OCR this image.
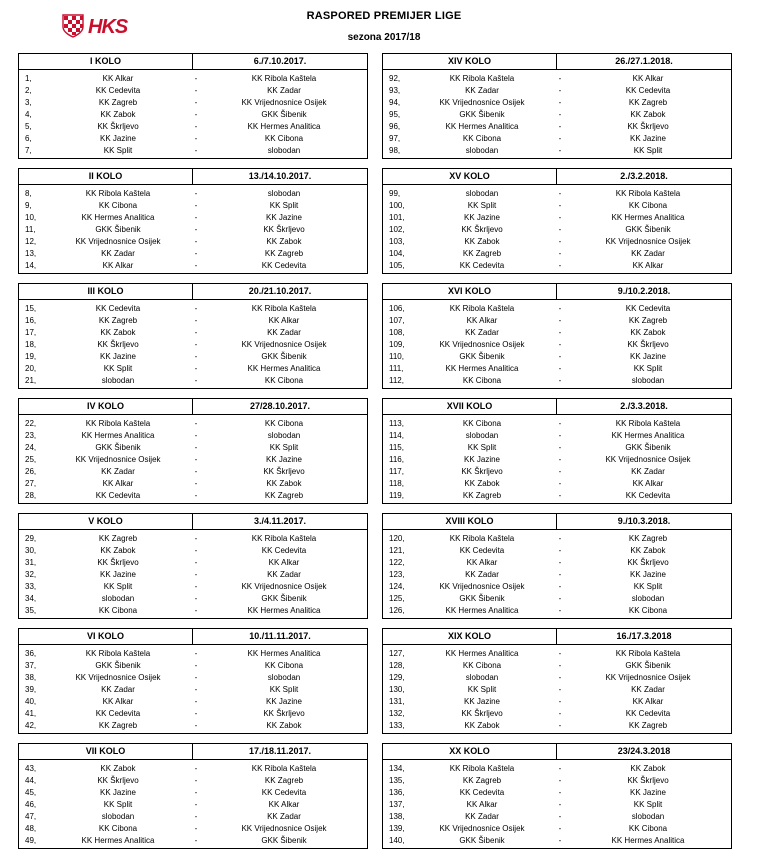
HKS	RASPORED PREMIJER LIGE
sezona 2017/18
I KOLO	6./7.10.2017.
1,	KK Alkar	-	KK Ribola Kaštela
2,	KK Cedevita	-	KK Zadar
3,	KK Zagreb	-	KK Vrijednosnice Osijek
4,	KK Zabok	-	GKK Šibenik
5,	KK Škrljevo	-	KK Hermes Analitica
6,	KK Jazine	-	KK Cibona
7,	KK Split	-	slobodan
II KOLO	13./14.10.2017.
8,	KK Ribola Kaštela	-	slobodan
9,	KK Cibona	-	KK Split
10,	KK Hermes Analitica	-	KK Jazine
11,	GKK Šibenik	-	KK Škrljevo
12,	KK Vrijednosnice Osijek	-	KK Zabok
13,	KK Zadar	-	KK Zagreb
14,	KK Alkar	-	KK Cedevita
III KOLO	20./21.10.2017.
15,	KK Cedevita	-	KK Ribola Kaštela
16,	KK Zagreb	-	KK Alkar
17,	KK Zabok	-	KK Zadar
18,	KK Škrljevo	-	KK Vrijednosnice Osijek
19,	KK Jazine	-	GKK Šibenik
20,	KK Split	-	KK Hermes Analitica
21,	slobodan	-	KK Cibona
IV KOLO	27/28.10.2017.
22,	KK Ribola Kaštela	-	KK Cibona
23,	KK Hermes Analitica	-	slobodan
24,	GKK Šibenik	-	KK Split
25,	KK Vrijednosnice Osijek	-	KK Jazine
26,	KK Zadar	-	KK Škrljevo
27,	KK Alkar	-	KK Zabok
28,	KK Cedevita	-	KK Zagreb
V KOLO	3./4.11.2017.
29,	KK Zagreb	-	KK Ribola Kaštela
30,	KK Zabok	-	KK Cedevita
31,	KK Škrljevo	-	KK Alkar
32,	KK Jazine	-	KK Zadar
33,	KK Split	-	KK Vrijednosnice Osijek
34,	slobodan	-	GKK Šibenik
35,	KK Cibona	-	KK Hermes Analitica
VI KOLO	10./11.11.2017.
36,	KK Ribola Kaštela	-	KK Hermes Analitica
37,	GKK Šibenik	-	KK Cibona
38,	KK Vrijednosnice Osijek	-	slobodan
39,	KK Zadar	-	KK Split
40,	KK Alkar	-	KK Jazine
41,	KK Cedevita	-	KK Škrljevo
42,	KK Zagreb	-	KK Zabok
VII KOLO	17./18.11.2017.
43,	KK Zabok	-	KK Ribola Kaštela
44,	KK Škrljevo	-	KK Zagreb
45,	KK Jazine	-	KK Cedevita
46,	KK Split	-	KK Alkar
47,	slobodan	-	KK Zadar
48,	KK Cibona	-	KK Vrijednosnice Osijek
49,	KK Hermes Analitica	-	GKK Šibenik
XIV KOLO	26./27.1.2018.
92,	KK Ribola Kaštela	-	KK Alkar
93,	KK Zadar	-	KK Cedevita
94,	KK Vrijednosnice Osijek	-	KK Zagreb
95,	GKK Šibenik	-	KK Zabok
96,	KK Hermes Analitica	-	KK Škrljevo
97,	KK Cibona	-	KK Jazine
98,	slobodan	-	KK Split
XV KOLO	2./3.2.2018.
99,	slobodan	-	KK Ribola Kaštela
100,	KK Split	-	KK Cibona
101,	KK Jazine	-	KK Hermes Analitica
102,	KK Škrljevo	-	GKK Šibenik
103,	KK Zabok	-	KK Vrijednosnice Osijek
104,	KK Zagreb	-	KK Zadar
105,	KK Cedevita	-	KK Alkar
XVI KOLO	9./10.2.2018.
106,	KK Ribola Kaštela	-	KK Cedevita
107,	KK Alkar	-	KK Zagreb
108,	KK Zadar	-	KK Zabok
109,	KK Vrijednosnice Osijek	-	KK Škrljevo
110,	GKK Šibenik	-	KK Jazine
111,	KK Hermes Analitica	-	KK Split
112,	KK Cibona	-	slobodan
XVII KOLO	2./3.3.2018.
113,	KK Cibona	-	KK Ribola Kaštela
114,	slobodan	-	KK Hermes Analitica
115,	KK Split	-	GKK Šibenik
116,	KK Jazine	-	KK Vrijednosnice Osijek
117,	KK Škrljevo	-	KK Zadar
118,	KK Zabok	-	KK Alkar
119,	KK Zagreb	-	KK Cedevita
XVIII KOLO	9./10.3.2018.
120,	KK Ribola Kaštela	-	KK Zagreb
121,	KK Cedevita	-	KK Zabok
122,	KK Alkar	-	KK Škrljevo
123,	KK Zadar	-	KK Jazine
124,	KK Vrijednosnice Osijek	-	KK Split
125,	GKK Šibenik	-	slobodan
126,	KK Hermes Analitica	-	KK Cibona
XIX KOLO	16./17.3.2018
127,	KK Hermes Analitica	-	KK Ribola Kaštela
128,	KK Cibona	-	GKK Šibenik
129,	slobodan	-	KK Vrijednosnice Osijek
130,	KK Split	-	KK Zadar
131,	KK Jazine	-	KK Alkar
132,	KK Škrljevo	-	KK Cedevita
133,	KK Zabok	-	KK Zagreb
XX KOLO	23/24.3.2018
134,	KK Ribola Kaštela	-	KK Zabok
135,	KK Zagreb	-	KK Škrljevo
136,	KK Cedevita	-	KK Jazine
137,	KK Alkar	-	KK Split
138,	KK Zadar	-	slobodan
139,	KK Vrijednosnice Osijek	-	KK Cibona
140,	GKK Šibenik	-	KK Hermes Analitica
